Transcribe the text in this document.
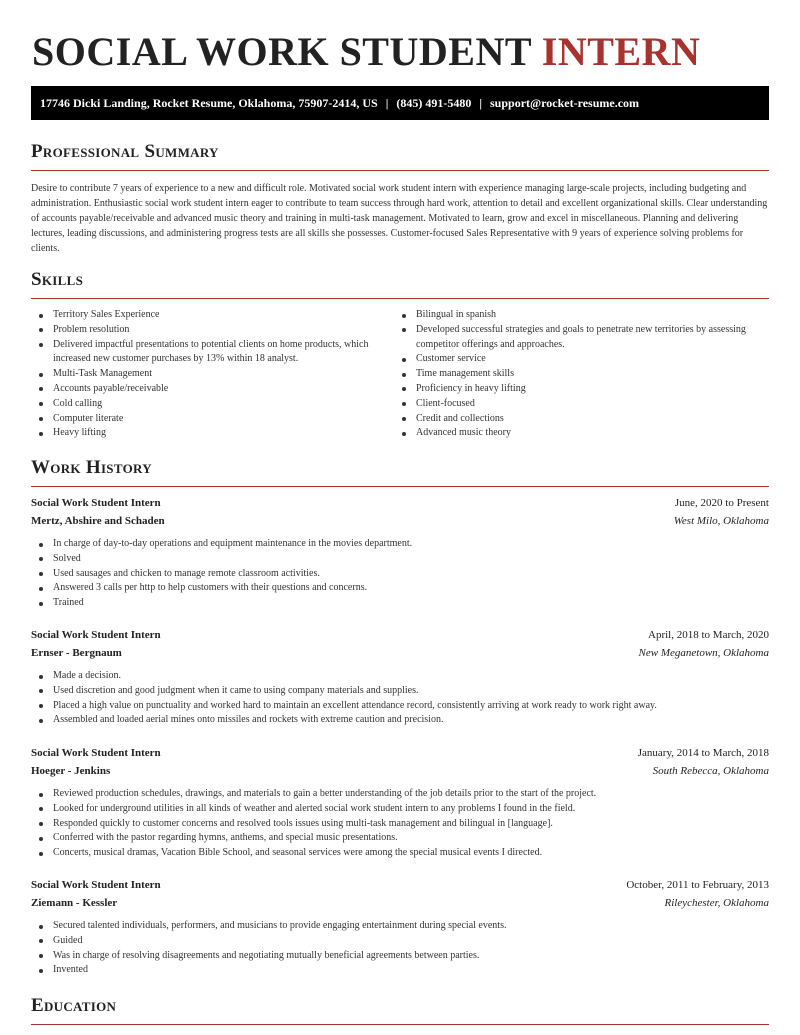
SOCIAL WORK STUDENT INTERN
17746 Dicki Landing, Rocket Resume, Oklahoma, 75907-2414, US | (845) 491-5480 | support@rocket-resume.com
Professional Summary

Desire to contribute 7 years of experience to a new and difficult role. Motivated social work student intern with experience managing large-scale projects, including budgeting and administration. Enthusiastic social work student intern eager to contribute to team success through hard work, attention to detail and excellent organizational skills. Clear understanding of accounts payable/receivable and advanced music theory and training in multi-task management. Motivated to learn, grow and excel in miscellaneous. Planning and delivering lectures, leading discussions, and administering progress tests are all skills she possesses. Customer-focused Sales Representative with 9 years of experience solving problems for clients.

Skills
Territory Sales Experience
Problem resolution
Delivered impactful presentations to potential clients on home products, which increased new customer purchases by 13% within 18 analyst.
Multi-Task Management
Accounts payable/receivable
Cold calling
Computer literate
Heavy lifting
Bilingual in spanish
Developed successful strategies and goals to penetrate new territories by assessing competitor offerings and approaches.
Customer service
Time management skills
Proficiency in heavy lifting
Client-focused
Credit and collections
Advanced music theory
Work History
Social Work Student Intern	June, 2020 to Present
Mertz, Abshire and Schaden	West Milo, Oklahoma
In charge of day-to-day operations and equipment maintenance in the movies department.
Solved
Used sausages and chicken to manage remote classroom activities.
Answered 3 calls per http to help customers with their questions and concerns.
Trained
Social Work Student Intern	April, 2018 to March, 2020
Ernser - Bergnaum	New Meganetown, Oklahoma
Made a decision.
Used discretion and good judgment when it came to using company materials and supplies.
Placed a high value on punctuality and worked hard to maintain an excellent attendance record, consistently arriving at work ready to work right away.
Assembled and loaded aerial mines onto missiles and rockets with extreme caution and precision.
Social Work Student Intern	January, 2014 to March, 2018
Hoeger - Jenkins	South Rebecca, Oklahoma
Reviewed production schedules, drawings, and materials to gain a better understanding of the job details prior to the start of the project.
Looked for underground utilities in all kinds of weather and alerted social work student intern to any problems I found in the field.
Responded quickly to customer concerns and resolved tools issues using multi-task management and bilingual in [language].
Conferred with the pastor regarding hymns, anthems, and special music presentations.
Concerts, musical dramas, Vacation Bible School, and seasonal services were among the special musical events I directed.
Social Work Student Intern	October, 2011 to February, 2013
Ziemann - Kessler	Rileychester, Oklahoma
Secured talented individuals, performers, and musicians to provide engaging entertainment during special events.
Guided
Was in charge of resolving disagreements and negotiating mutually beneficial agreements between parties.
Invented
Education
